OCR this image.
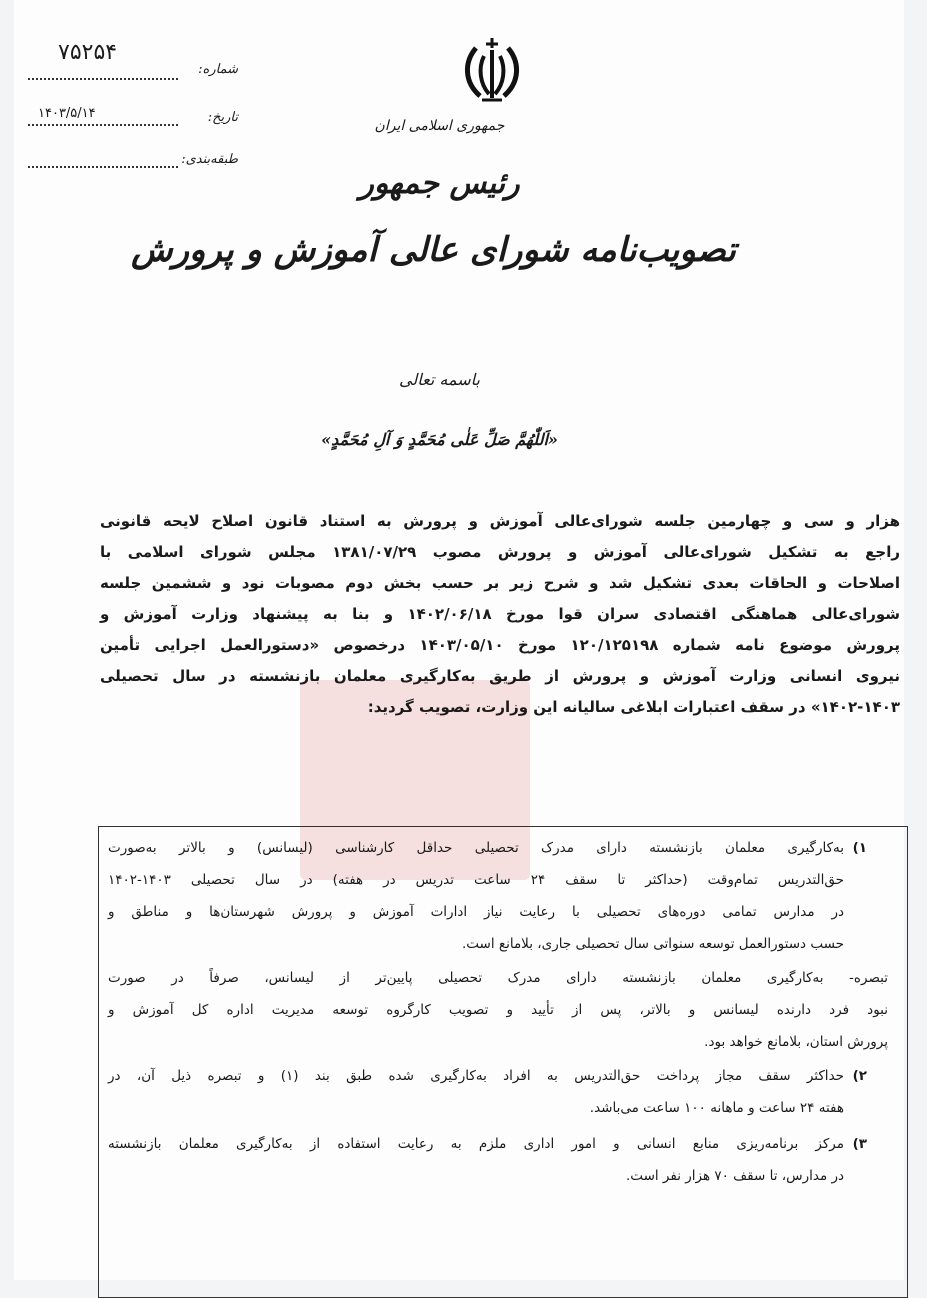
۷۵۲۵۴
شماره:
۱۴۰۳/۵/۱۴	تاریخ:
طبقه‌بندی:
جمهوری اسلامی ایران
رئیس جمهور
تصویب‌نامه شورای عالی آموزش و پرورش
باسمه تعالی
«اَللّٰهُمَّ صَلِّ عَلٰی مُحَمَّدٍ وَ آلِ مُحَمَّدٍ»
هزار و سی و چهارمین جلسه شورای‌عالی آموزش و پرورش به استناد قانون اصلاح لایحه قانونی
راجع به تشکیل شورای‌عالی آموزش و پرورش مصوب ۱۳۸۱/۰۷/۲۹ مجلس شورای اسلامی با
اصلاحات و الحاقات بعدی تشکیل شد و شرح زیر بر حسب بخش دوم مصوبات نود و ششمین جلسه
شورای‌عالی هماهنگی اقتصادی سران قوا مورخ ۱۴۰۲/۰۶/۱۸ و بنا به پیشنهاد وزارت آموزش و
پرورش موضوع نامه شماره ۱۲۰/۱۲۵۱۹۸ مورخ ۱۴۰۳/۰۵/۱۰ درخصوص «دستورالعمل اجرایی تأمین
نیروی انسانی وزارت آموزش و پرورش از طریق به‌کارگیری معلمان بازنشسته در سال تحصیلی
۱۴۰۲-۱۴۰۳» در سقف اعتبارات ابلاغی سالیانه این وزارت، تصویب گردید:
۱)
به‌کارگیری معلمان بازنشسته دارای مدرک تحصیلی حداقل کارشناسی (لیسانس) و بالاتر به‌صورت
حق‌التدریس تمام‌وقت (حداکثر تا سقف ۲۴ ساعت تدریس در هفته) در سال تحصیلی ۱۴۰۳-۱۴۰۲
در مدارس تمامی دوره‌های تحصیلی با رعایت نیاز ادارات آموزش و پرورش شهرستان‌ها و مناطق و
حسب دستورالعمل توسعه سنواتی سال تحصیلی جاری، بلامانع است.
تبصره- به‌کارگیری معلمان بازنشسته دارای مدرک تحصیلی پایین‌تر از لیسانس، صرفاً در صورت
نبود فرد دارنده لیسانس و بالاتر، پس از تأیید و تصویب کارگروه توسعه مدیریت اداره کل آموزش و
پرورش استان، بلامانع خواهد بود.
۲)
حداکثر سقف مجاز پرداخت حق‌التدریس به افراد به‌کارگیری شده طبق بند (۱) و تبصره ذیل آن، در
هفته ۲۴ ساعت و ماهانه ۱۰۰ ساعت می‌باشد.
۳)
مرکز برنامه‌ریزی منابع انسانی و امور اداری ملزم به رعایت استفاده از به‌کارگیری معلمان بازنشسته
در مدارس، تا سقف ۷۰ هزار نفر است.
